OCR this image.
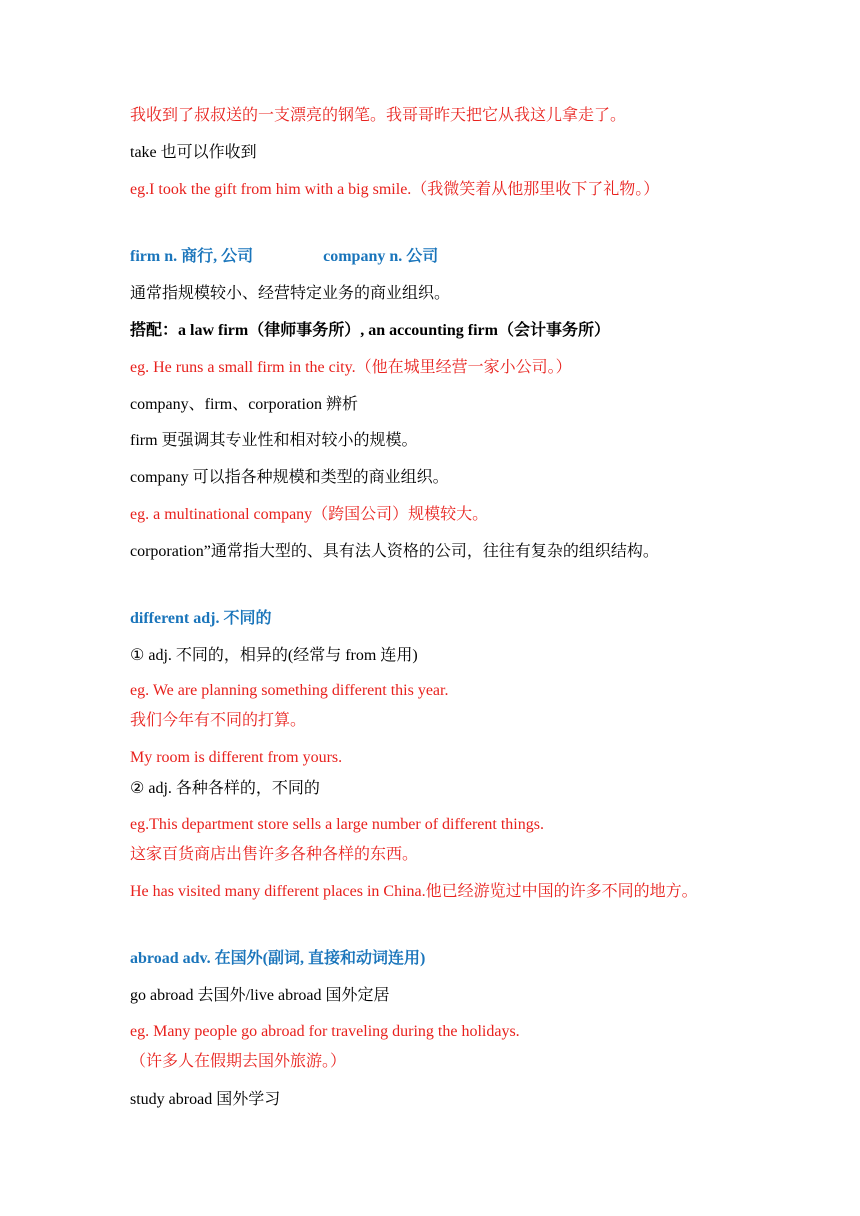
我收到了叔叔送的一支漂亮的钢笔。我哥哥昨天把它从我这儿拿走了。
take 也可以作收到
eg.I took the gift from him with a big smile.（我微笑着从他那里收下了礼物。）
firm n. 商行, 公司	company n. 公司
通常指规模较小、经营特定业务的商业组织。
搭配：a law firm（律师事务所）, an accounting firm（会计事务所）
eg. He runs a small firm in the city.（他在城里经营一家小公司。）
company、firm、corporation 辨析
firm 更强调其专业性和相对较小的规模。
company 可以指各种规模和类型的商业组织。
eg. a multinational company（跨国公司）规模较大。
corporation”通常指大型的、具有法人资格的公司，往往有复杂的组织结构。
different adj. 不同的
① adj. 不同的，相异的(经常与 from 连用)
eg. We are planning something different this year.
我们今年有不同的打算。
My room is different from yours.
② adj. 各种各样的，不同的
eg.This department store sells a large number of different things.
这家百货商店出售许多各种各样的东西。
He has visited many different places in China.他已经游览过中国的许多不同的地方。
abroad adv. 在国外(副词, 直接和动词连用)
go abroad 去国外/live abroad 国外定居
eg. Many people go abroad for traveling during the holidays.
（许多人在假期去国外旅游。）
study abroad 国外学习
